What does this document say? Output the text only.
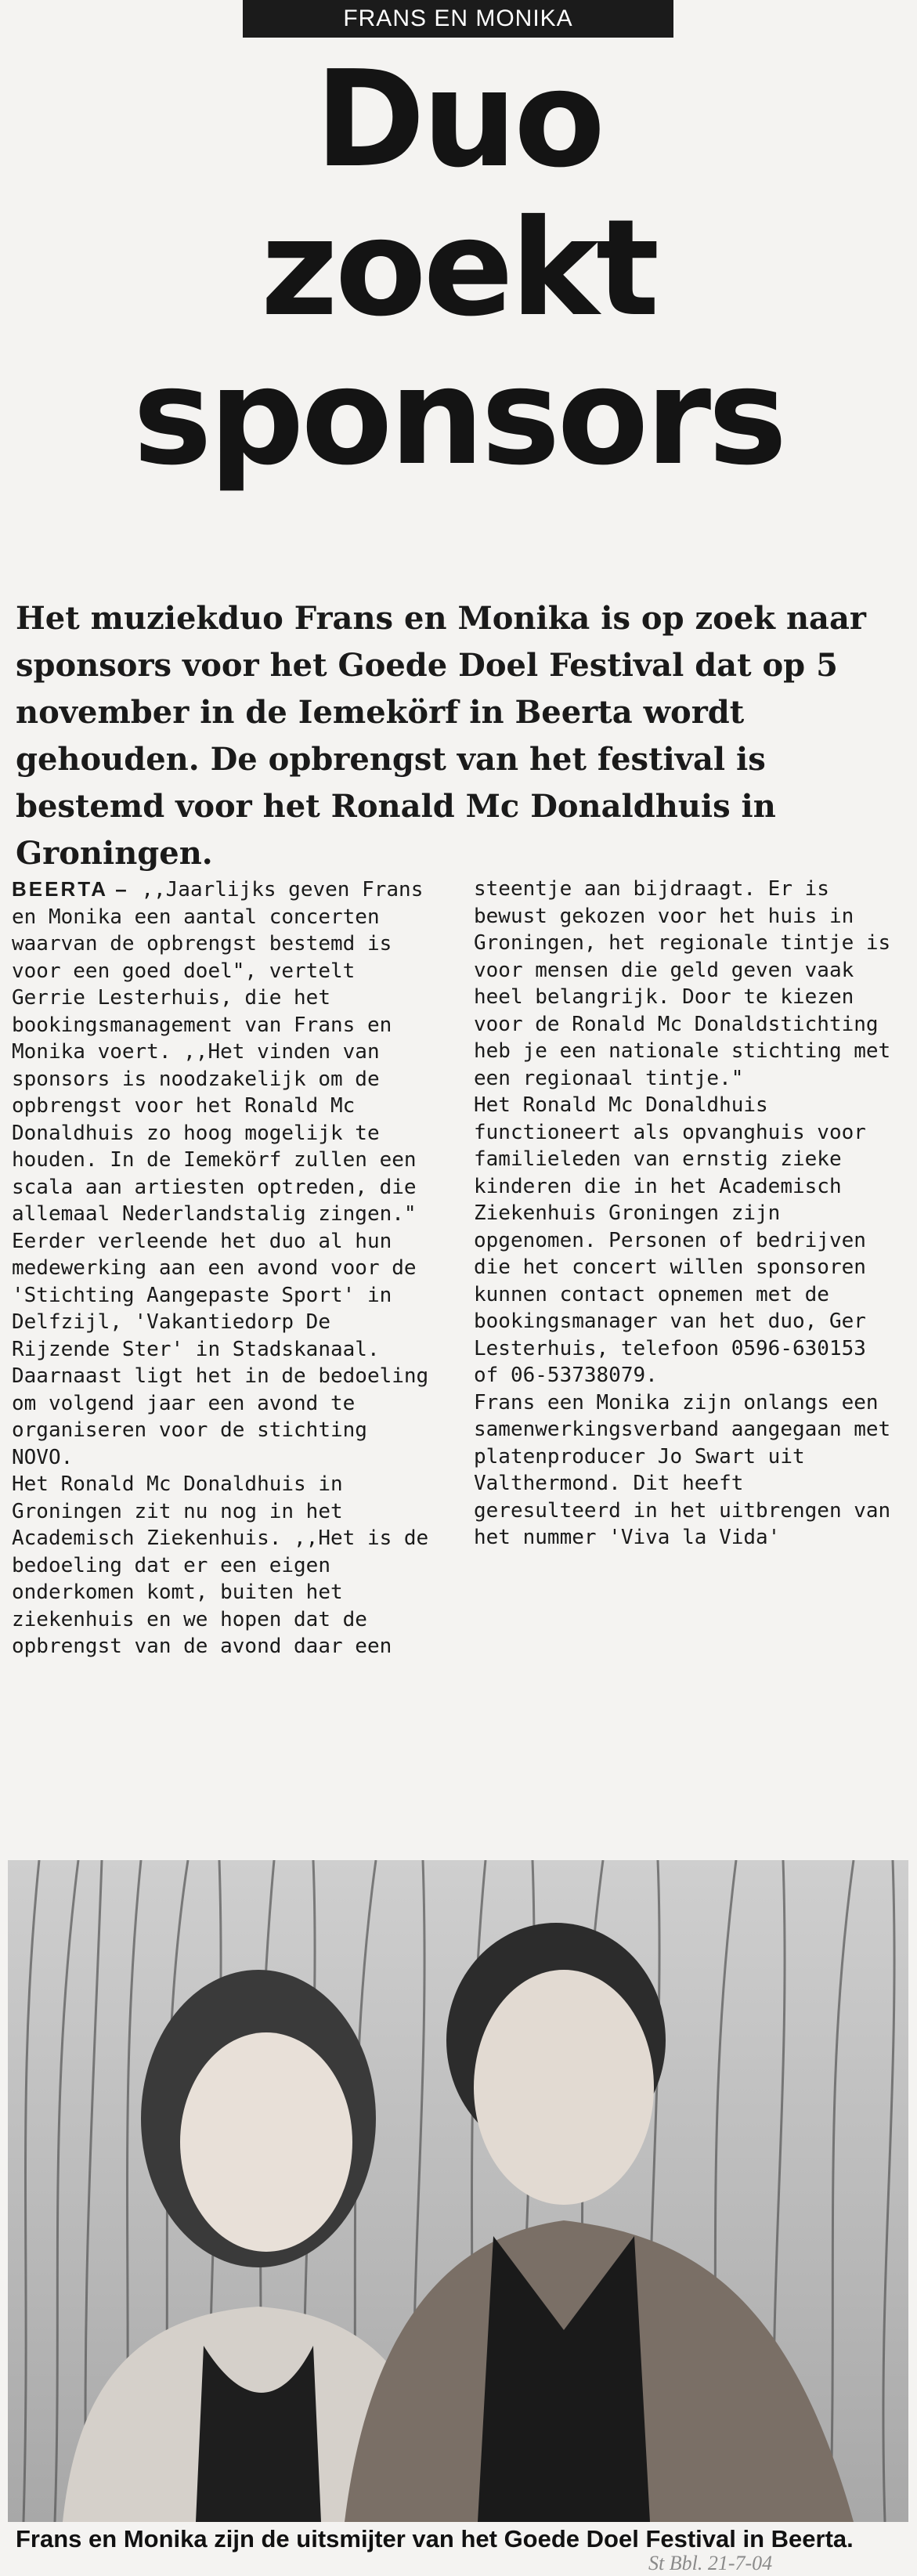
FRANS EN MONIKA
Duo
zoekt
sponsors
Het muziekduo Frans en Monika is op zoek naar sponsors voor het Goede Doel Festival dat op 5 november in de Iemekörf in Beerta wordt gehouden. De opbrengst van het festival is bestemd voor het Ronald Mc Donaldhuis in Groningen.
BEERTA – ,,Jaarlijks geven Frans en Monika een aantal concerten waarvan de opbrengst bestemd is voor een goed doel", vertelt Gerrie Lesterhuis, die het bookingsmanagement van Frans en Monika voert. ,,Het vinden van sponsors is noodzakelijk om de opbrengst voor het Ronald Mc Donaldhuis zo hoog mogelijk te houden. In de Iemekörf zullen een scala aan artiesten optreden, die allemaal Nederlandstalig zingen." Eerder verleende het duo al hun medewerking aan een avond voor de 'Stichting Aangepaste Sport' in Delfzijl, 'Vakantiedorp De Rijzende Ster' in Stadskanaal. Daarnaast ligt het in de bedoeling om volgend jaar een avond te organiseren voor de stichting NOVO.
Het Ronald Mc Donaldhuis in Groningen zit nu nog in het Academisch Ziekenhuis. ,,Het is de bedoeling dat er een eigen onderkomen komt, buiten het ziekenhuis en we hopen dat de opbrengst van de avond daar een
steentje aan bijdraagt. Er is bewust gekozen voor het huis in Groningen, het regionale tintje is voor mensen die geld geven vaak heel belangrijk. Door te kiezen voor de Ronald Mc Donaldstichting heb je een nationale stichting met een regionaal tintje."
Het Ronald Mc Donaldhuis functioneert als opvanghuis voor familieleden van ernstig zieke kinderen die in het Academisch Ziekenhuis Groningen zijn opgenomen. Personen of bedrijven die het concert willen sponsoren kunnen contact opnemen met de bookingsmanager van het duo, Ger Lesterhuis, telefoon 0596-630153 of 06-53738079.
Frans een Monika zijn onlangs een samenwerkingsverband aangegaan met platenproducer Jo Swart uit Valthermond. Dit heeft geresulteerd in het uitbrengen van het nummer 'Viva la Vida'
Frans en Monika zijn de uitsmijter van het Goede Doel Festival in Beerta.
St Bbl. 21-7-04
